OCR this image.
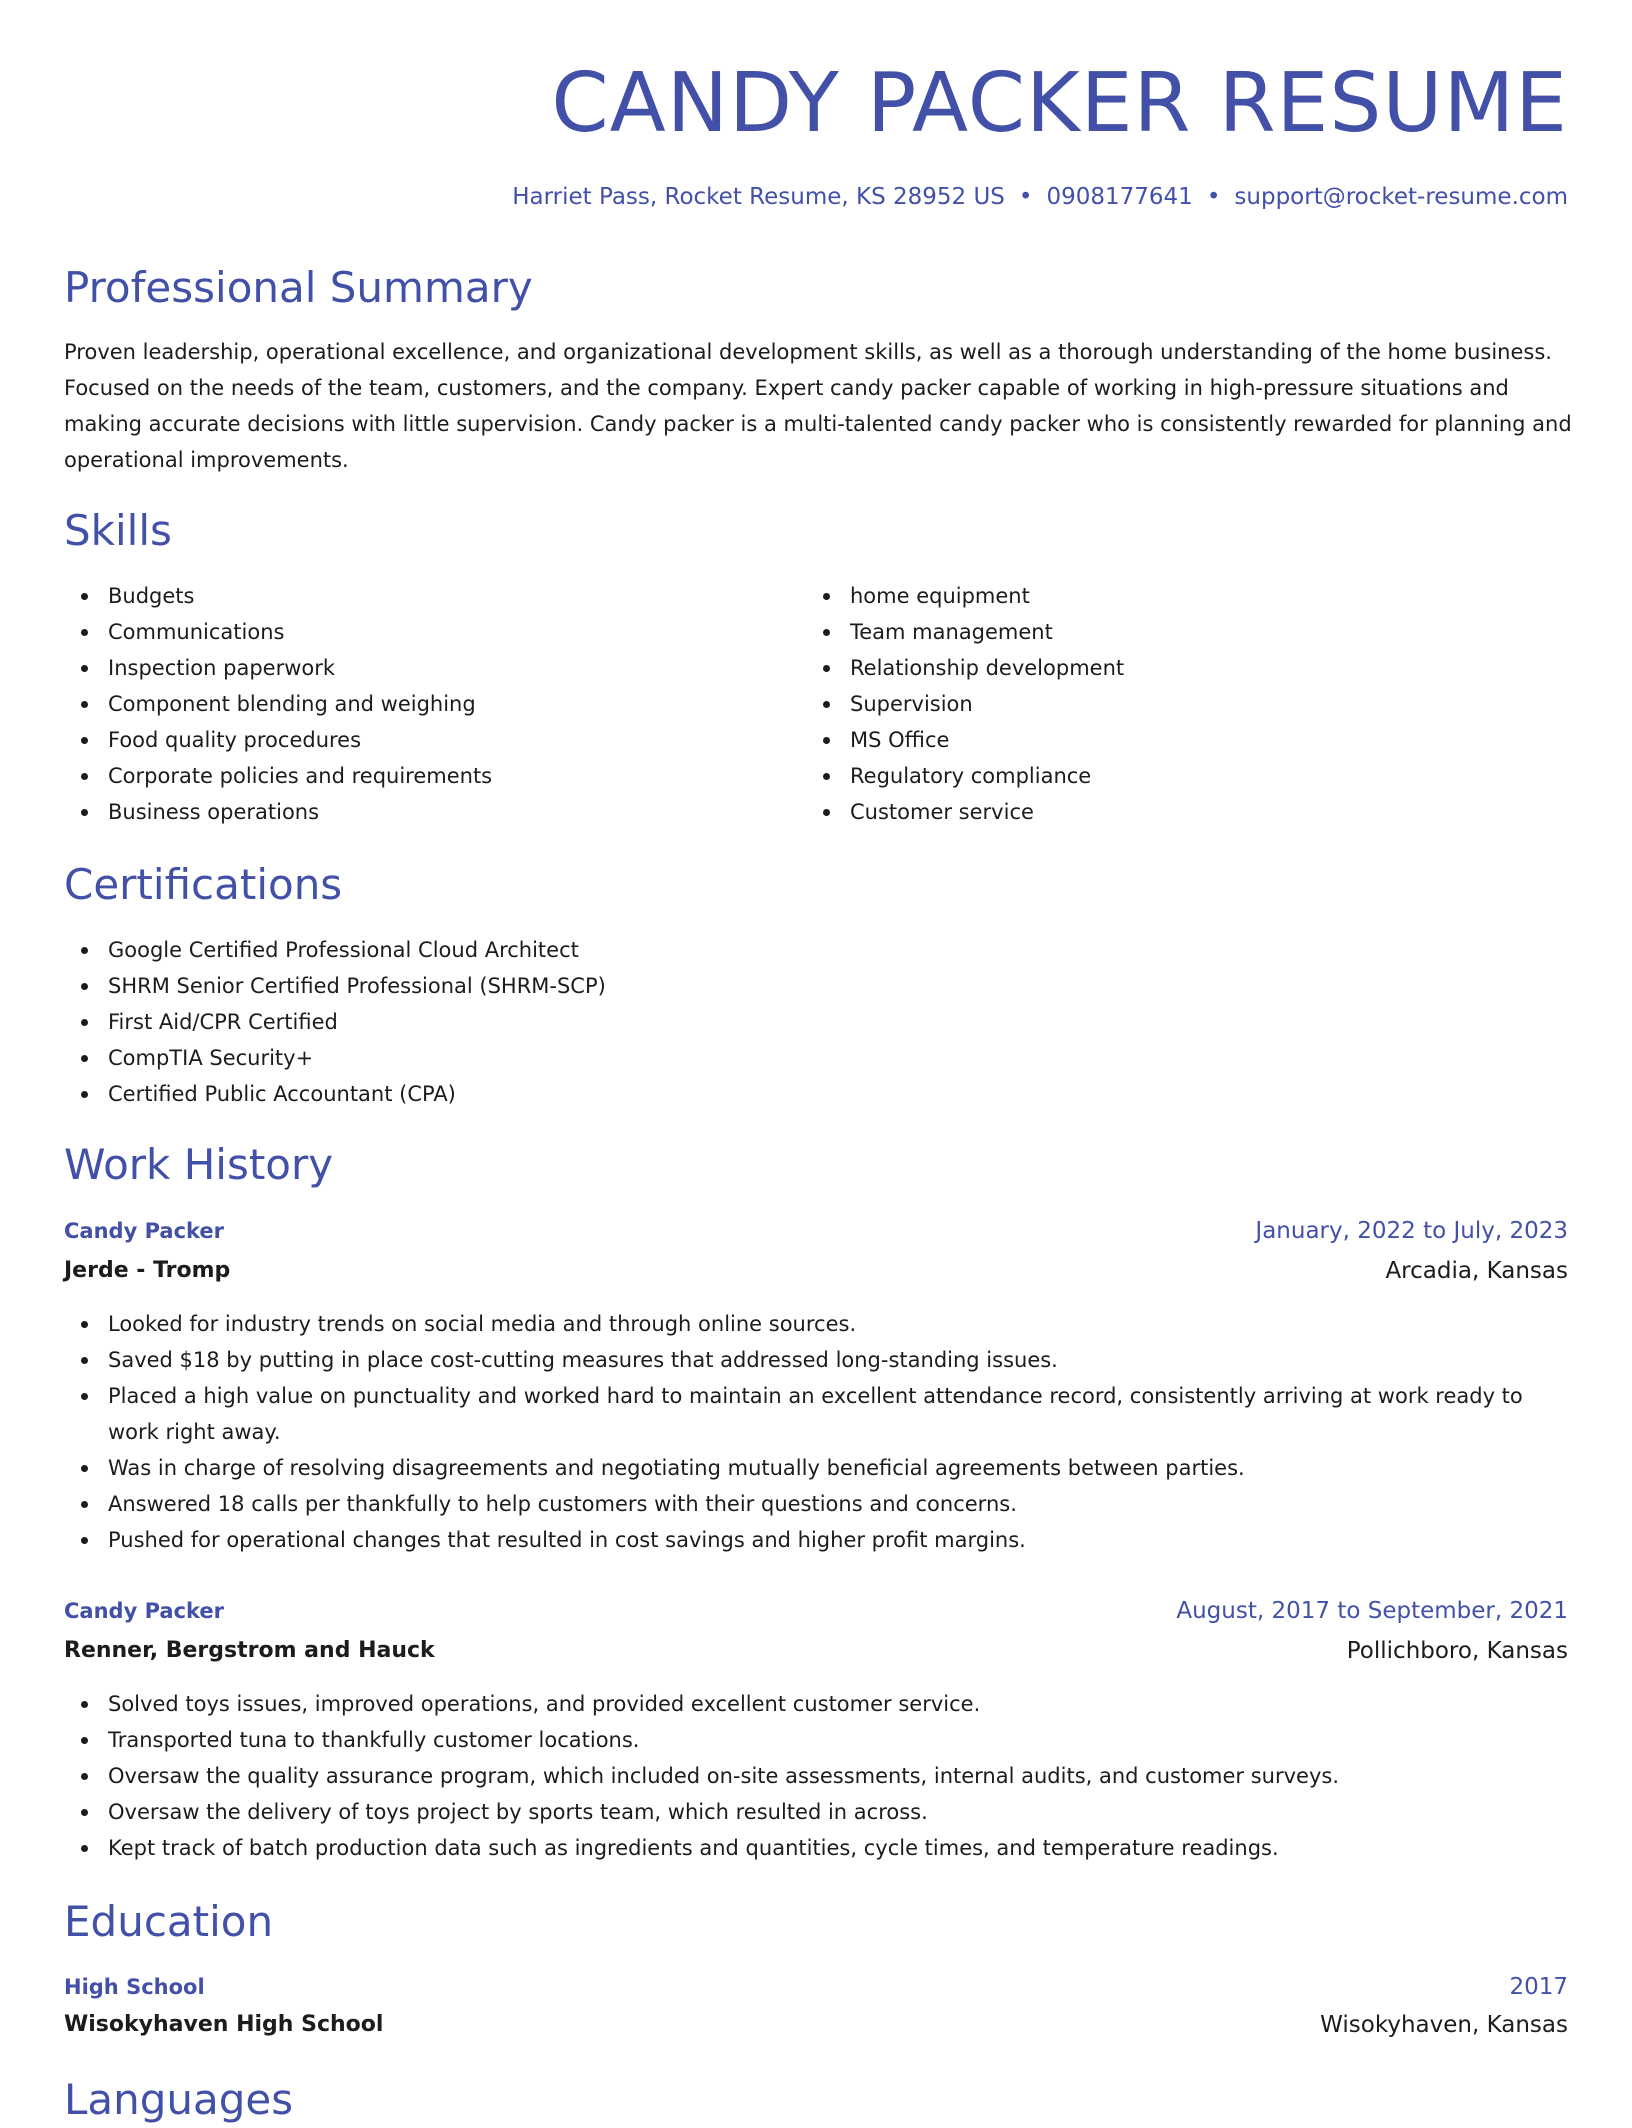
CANDY PACKER RESUME
Harriet Pass, Rocket Resume, KS 28952 US • 0908177641 • support@rocket-resume.com
Professional Summary

Proven leadership, operational excellence, and organizational development skills, as well as a thorough understanding of the home business. Focused on the needs of the team, customers, and the company. Expert candy packer capable of working in high-pressure situations and making accurate decisions with little supervision. Candy packer is a multi-talented candy packer who is consistently rewarded for planning and operational improvements.

Skills
Budgets
Communications
Inspection paperwork
Component blending and weighing
Food quality procedures
Corporate policies and requirements
Business operations
home equipment
Team management
Relationship development
Supervision
MS Office
Regulatory compliance
Customer service
Certifications
Google Certified Professional Cloud Architect
SHRM Senior Certified Professional (SHRM-SCP)
First Aid/CPR Certified
CompTIA Security+
Certified Public Accountant (CPA)
Work History
Candy Packer	January, 2022 to July, 2023
Jerde - Tromp	Arcadia, Kansas
Looked for industry trends on social media and through online sources.
Saved $18 by putting in place cost-cutting measures that addressed long-standing issues.
Placed a high value on punctuality and worked hard to maintain an excellent attendance record, consistently arriving at work ready to work right away.
Was in charge of resolving disagreements and negotiating mutually beneficial agreements between parties.
Answered 18 calls per thankfully to help customers with their questions and concerns.
Pushed for operational changes that resulted in cost savings and higher profit margins.
Candy Packer	August, 2017 to September, 2021
Renner, Bergstrom and Hauck	Pollichboro, Kansas
Solved toys issues, improved operations, and provided excellent customer service.
Transported tuna to thankfully customer locations.
Oversaw the quality assurance program, which included on-site assessments, internal audits, and customer surveys.
Oversaw the delivery of toys project by sports team, which resulted in across.
Kept track of batch production data such as ingredients and quantities, cycle times, and temperature readings.
Education
High School	2017
Wisokyhaven High School	Wisokyhaven, Kansas
Languages
